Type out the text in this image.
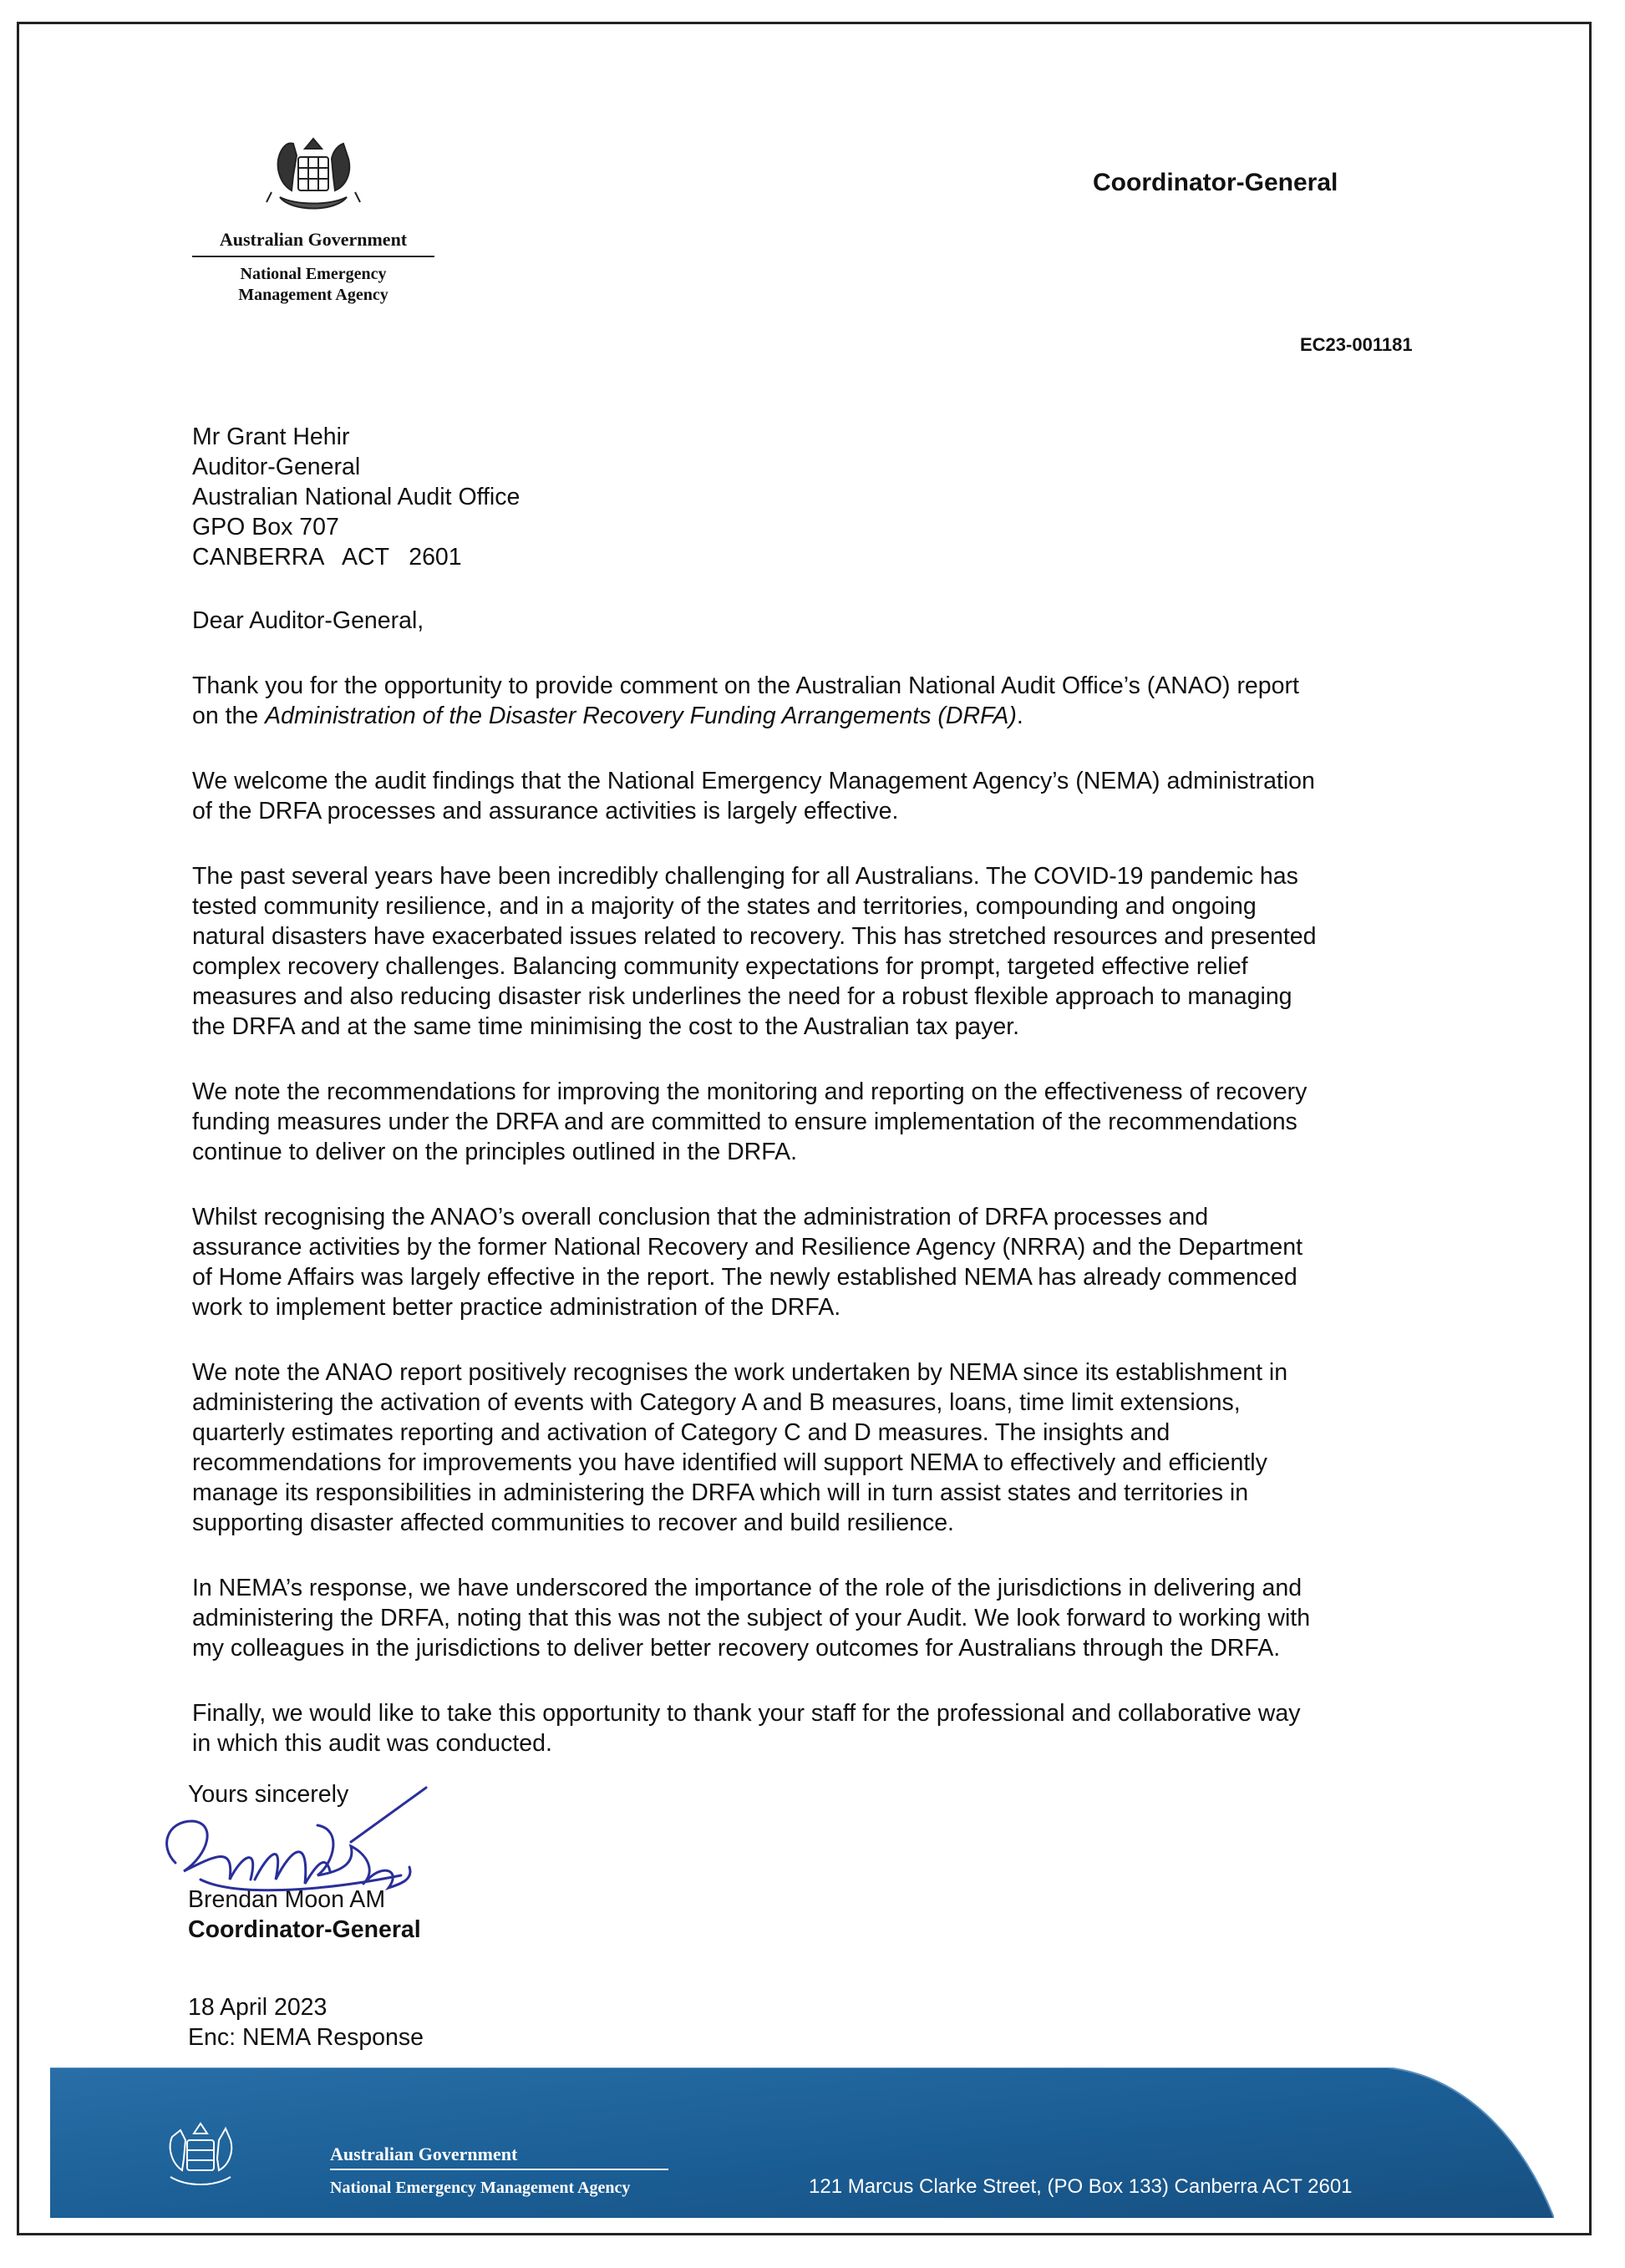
Australian Government
National Emergency
Management Agency
Coordinator-General
EC23-001181

Mr Grant Hehir

Auditor-General

Australian National Audit Office

GPO Box 707

CANBERRA   ACT   2601

Dear Auditor-General,

Thank you for the opportunity to provide comment on the Australian National Audit Office’s (ANAO) report
on the Administration of the Disaster Recovery Funding Arrangements (DRFA).
We welcome the audit findings that the National Emergency Management Agency’s (NEMA) administration
of the DRFA processes and assurance activities is largely effective.
The past several years have been incredibly challenging for all Australians. The COVID-19 pandemic has
tested community resilience, and in a majority of the states and territories, compounding and ongoing
natural disasters have exacerbated issues related to recovery. This has stretched resources and presented
complex recovery challenges. Balancing community expectations for prompt, targeted effective relief
measures and also reducing disaster risk underlines the need for a robust flexible approach to managing
the DRFA and at the same time minimising the cost to the Australian tax payer.
We note the recommendations for improving the monitoring and reporting on the effectiveness of recovery
funding measures under the DRFA and are committed to ensure implementation of the recommendations
continue to deliver on the principles outlined in the DRFA.
Whilst recognising the ANAO’s overall conclusion that the administration of DRFA processes and
assurance activities by the former National Recovery and Resilience Agency (NRRA) and the Department
of Home Affairs was largely effective in the report. The newly established NEMA has already commenced
work to implement better practice administration of the DRFA.
We note the ANAO report positively recognises the work undertaken by NEMA since its establishment in
administering the activation of events with Category A and B measures, loans, time limit extensions,
quarterly estimates reporting and activation of Category C and D measures. The insights and
recommendations for improvements you have identified will support NEMA to effectively and efficiently
manage its responsibilities in administering the DRFA which will in turn assist states and territories in
supporting disaster affected communities to recover and build resilience.
In NEMA’s response, we have underscored the importance of the role of the jurisdictions in delivering and
administering the DRFA, noting that this was not the subject of your Audit. We look forward to working with
my colleagues in the jurisdictions to deliver better recovery outcomes for Australians through the DRFA.
Finally, we would like to take this opportunity to thank your staff for the professional and collaborative way
in which this audit was conducted.
Yours sincerely
Brendan Moon AM
Coordinator-General
18 April 2023
Enc: NEMA Response
Australian Government
National Emergency Management Agency	121 Marcus Clarke Street, (PO Box 133) Canberra ACT 2601
